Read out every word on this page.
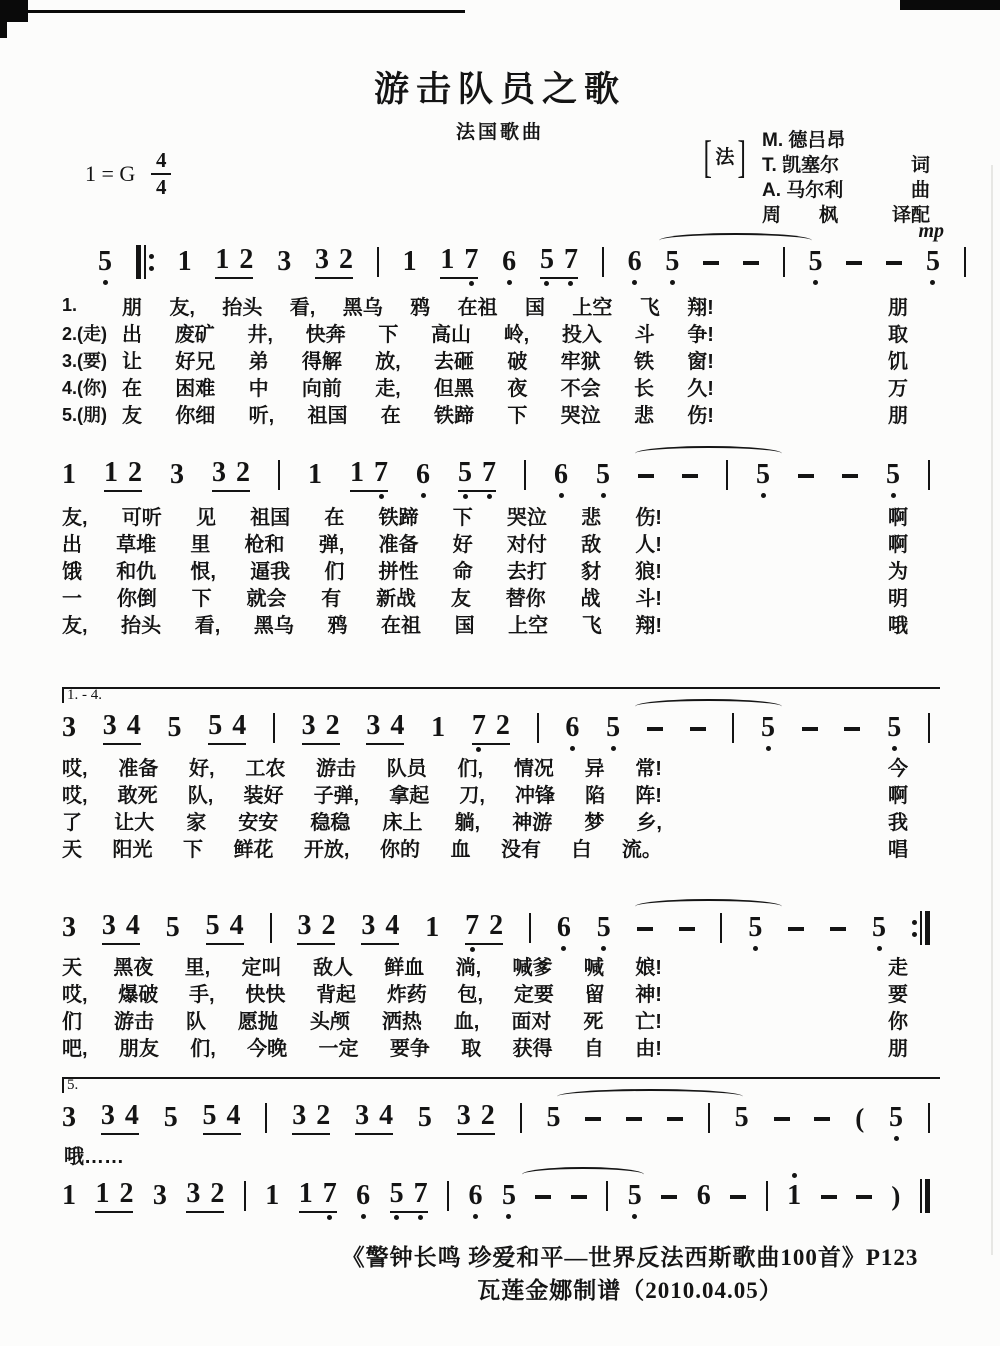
游击队员之歌
法国歌曲	[ 法 ] M. 德吕昂
T. 凯塞尔	词
A. 马尔利	曲
周　　枫	译配
1 = G $\frac{4}{4}$
mp
5 1 1 2 3 3 2 1 1 7 6 5 7 6 5	5	5
1.	朋 友, 抬头 看, 黑乌 鸦 在祖 国 上空 飞 翔!	朋
2.(走) 出 废矿 井, 快奔 下 高山 岭, 投入 斗 争!	取
3.(要) 让 好兄 弟 得解 放, 去砸 破 牢狱 铁 窗!	饥
4.(你) 在 困难 中 向前 走, 但黑 夜 不会 长 久!	万
5.(朋) 友 你细 听, 祖国 在 铁蹄 下 哭泣 悲 伤!	朋
1 1 2 3 3 2 1 1 7 6 5 7 6 5	5	5
友, 可听 见 祖国 在 铁蹄 下 哭泣 悲 伤!	啊
出 草堆 里 枪和 弹, 准备 好 对付 敌 人!	啊
饿 和仇 恨, 逼我 们 拼性 命 去打 豺 狼!	为
一 你倒 下 就会 有 新战 友 替你 战 斗!	明
友, 抬头 看, 黑乌 鸦 在祖 国 上空 飞 翔!	哦
1. - 4.
3 3 4 5 5 4 3 2 3 4 1 7 2 6 5	5	5
哎, 准备 好, 工农 游击 队员 们, 情况 异 常!	今
哎, 敢死 队, 装好 子弹, 拿起 刀, 冲锋 陷 阵!	啊
了 让大 家 安安 稳稳 床上 躺, 神游 梦 乡,	我
天 阳光 下 鲜花 开放, 你的 血 没有 白 流。	唱
3 3 4 5 5 4 3 2 3 4 1 7 2 6 5	5	5
天 黑夜 里, 定叫 敌人 鲜血 淌, 喊爹 喊 娘!	走
哎, 爆破 手, 快快 背起 炸药 包, 定要 留 神!	要
们 游击 队 愿抛 头颅 洒热 血, 面对 死 亡!	你
吧, 朋友 们, 今晚 一定 要争 取 获得 自 由!	朋
5.
3 3 4 5 5 4 3 2 3 4 5 3 2 5	5	( 5
哦……
1 1 2 3 3 2 1 1 7 6 5 7 6 5	5 6	1	)
《警钟长鸣 珍爱和平—世界反法西斯歌曲100首》P123
瓦莲金娜制谱（2010.04.05）
